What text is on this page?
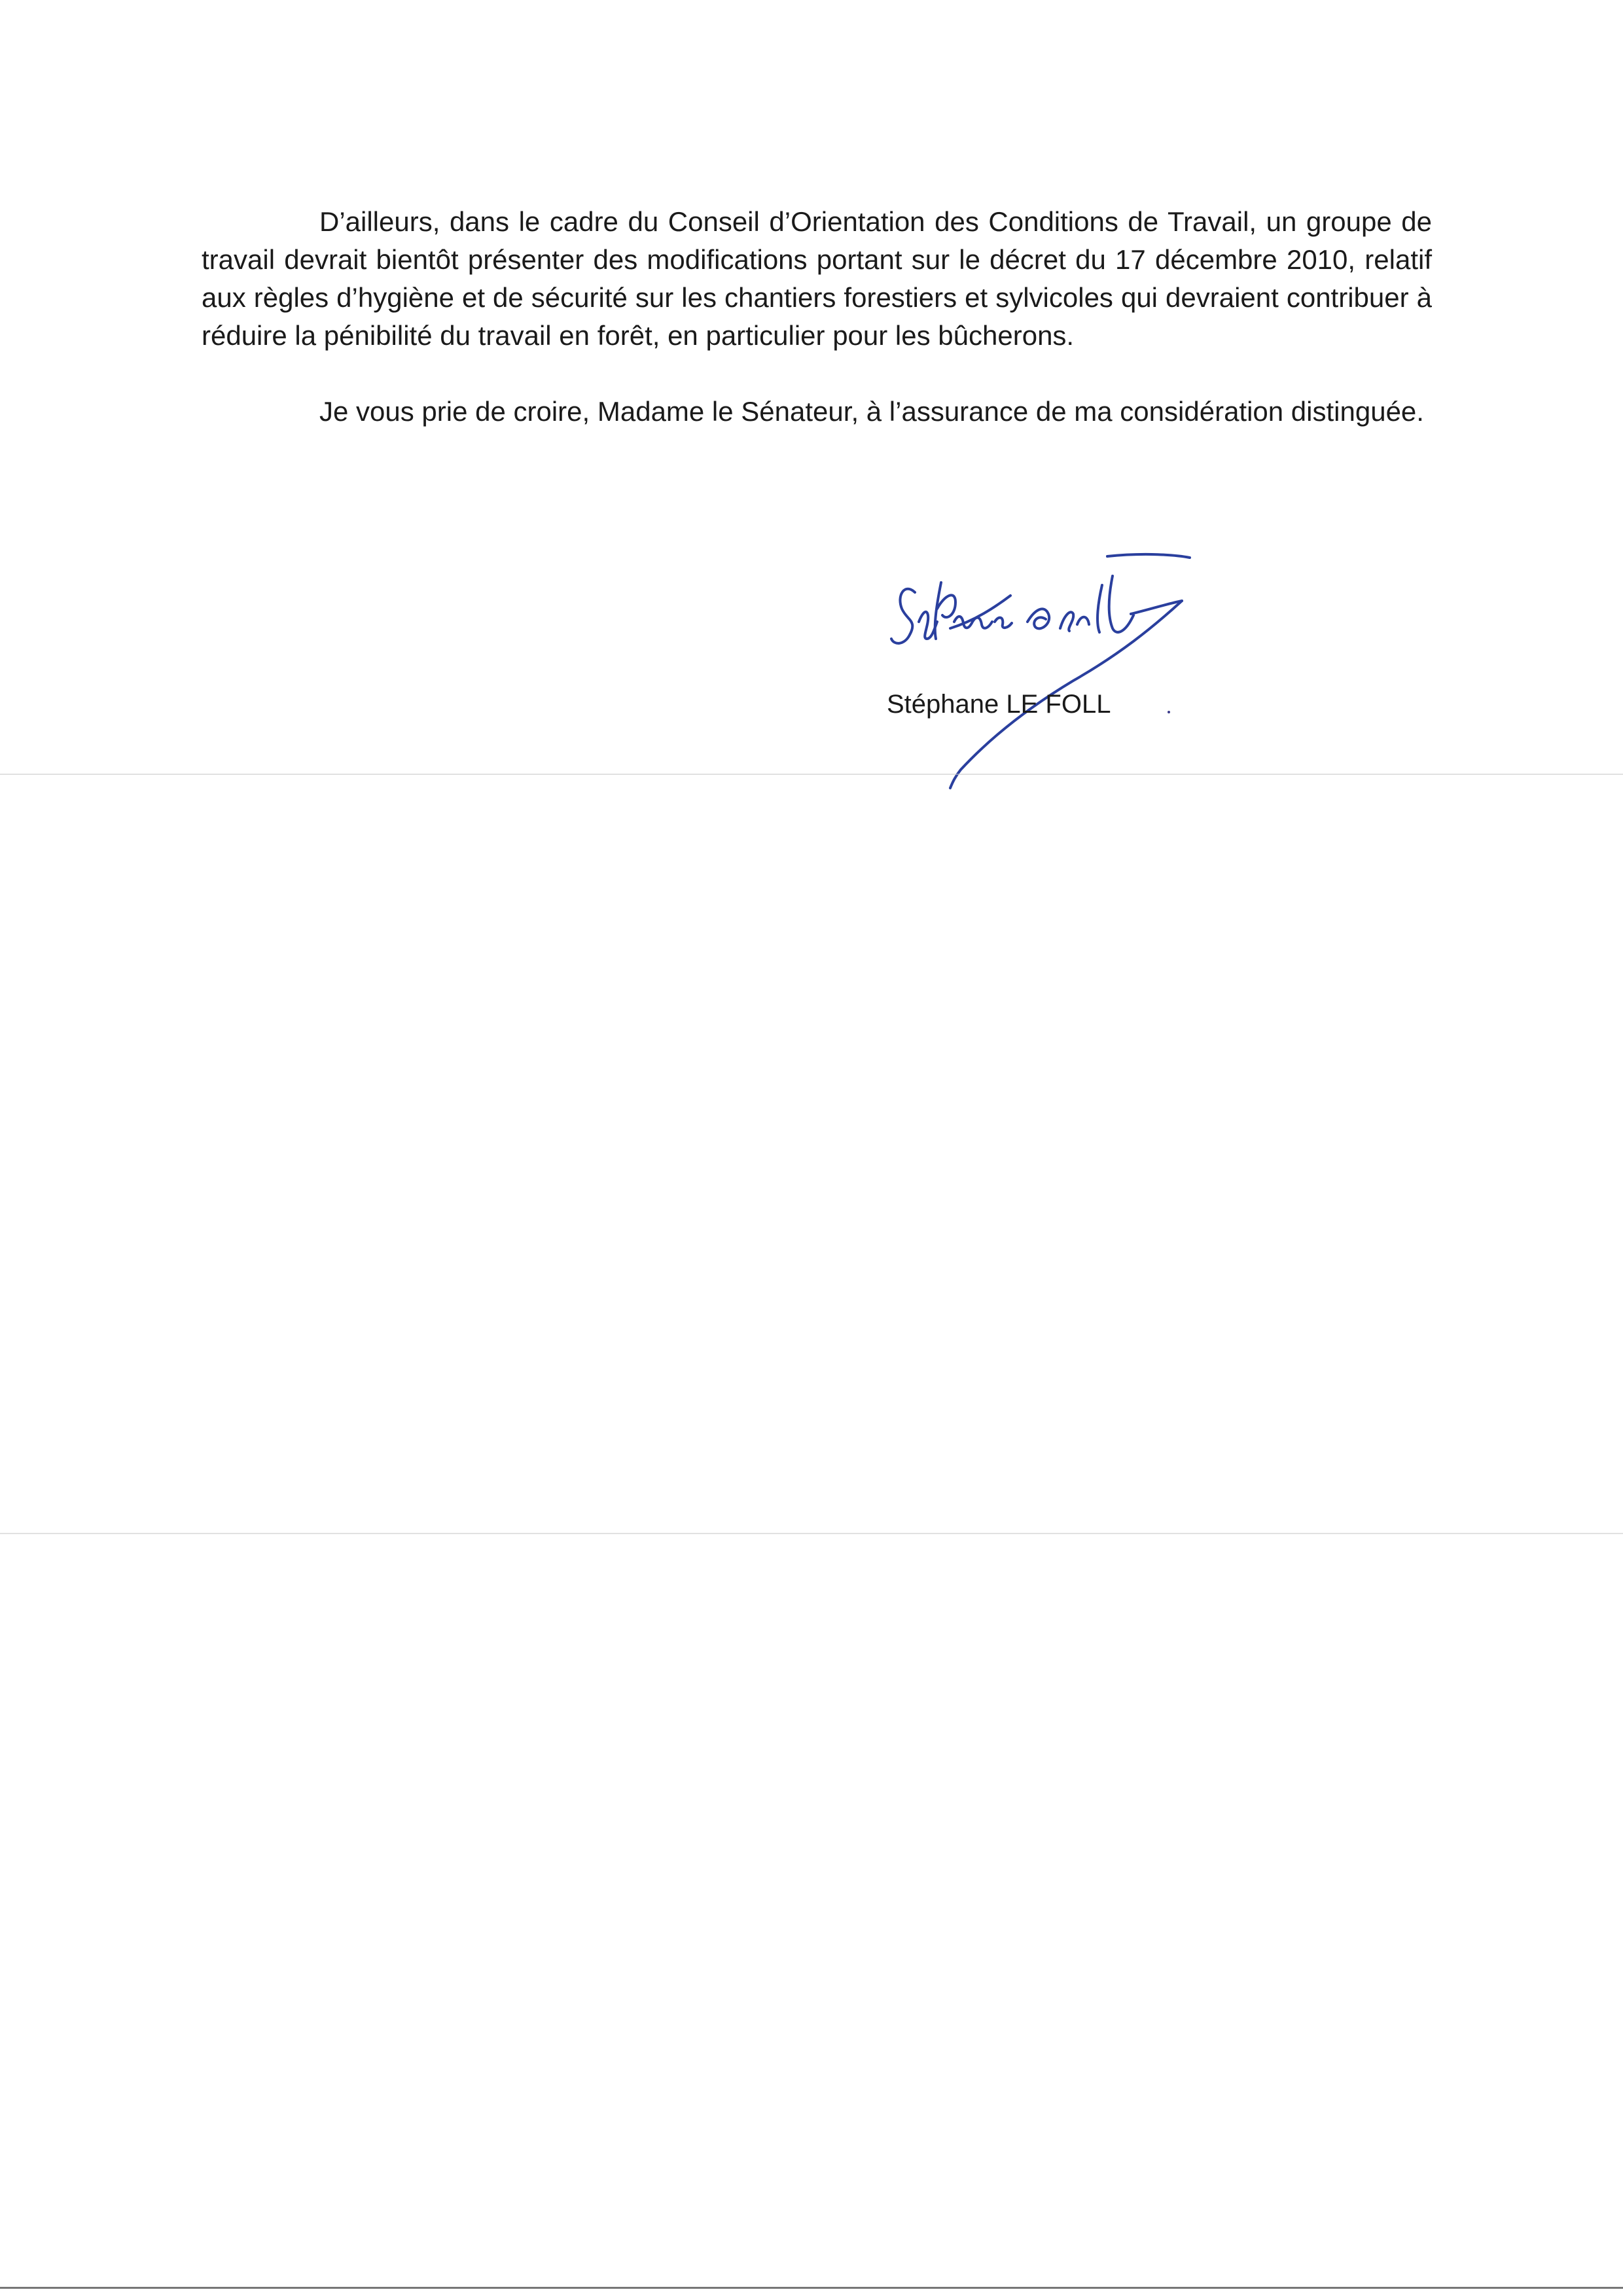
D’ailleurs, dans le cadre du Conseil d’Orientation des Conditions de Travail, un groupe de travail devrait bientôt présenter des modifications portant sur le décret du 17 décembre 2010, relatif aux règles d’hygiène et de sécurité sur les chantiers forestiers et sylvicoles qui devraient contribuer à réduire la pénibilité du travail en forêt, en particulier pour les bûcherons.

Je vous prie de croire, Madame le Sénateur, à l’assurance de ma considération distinguée.

Stéphane LE FOLL
